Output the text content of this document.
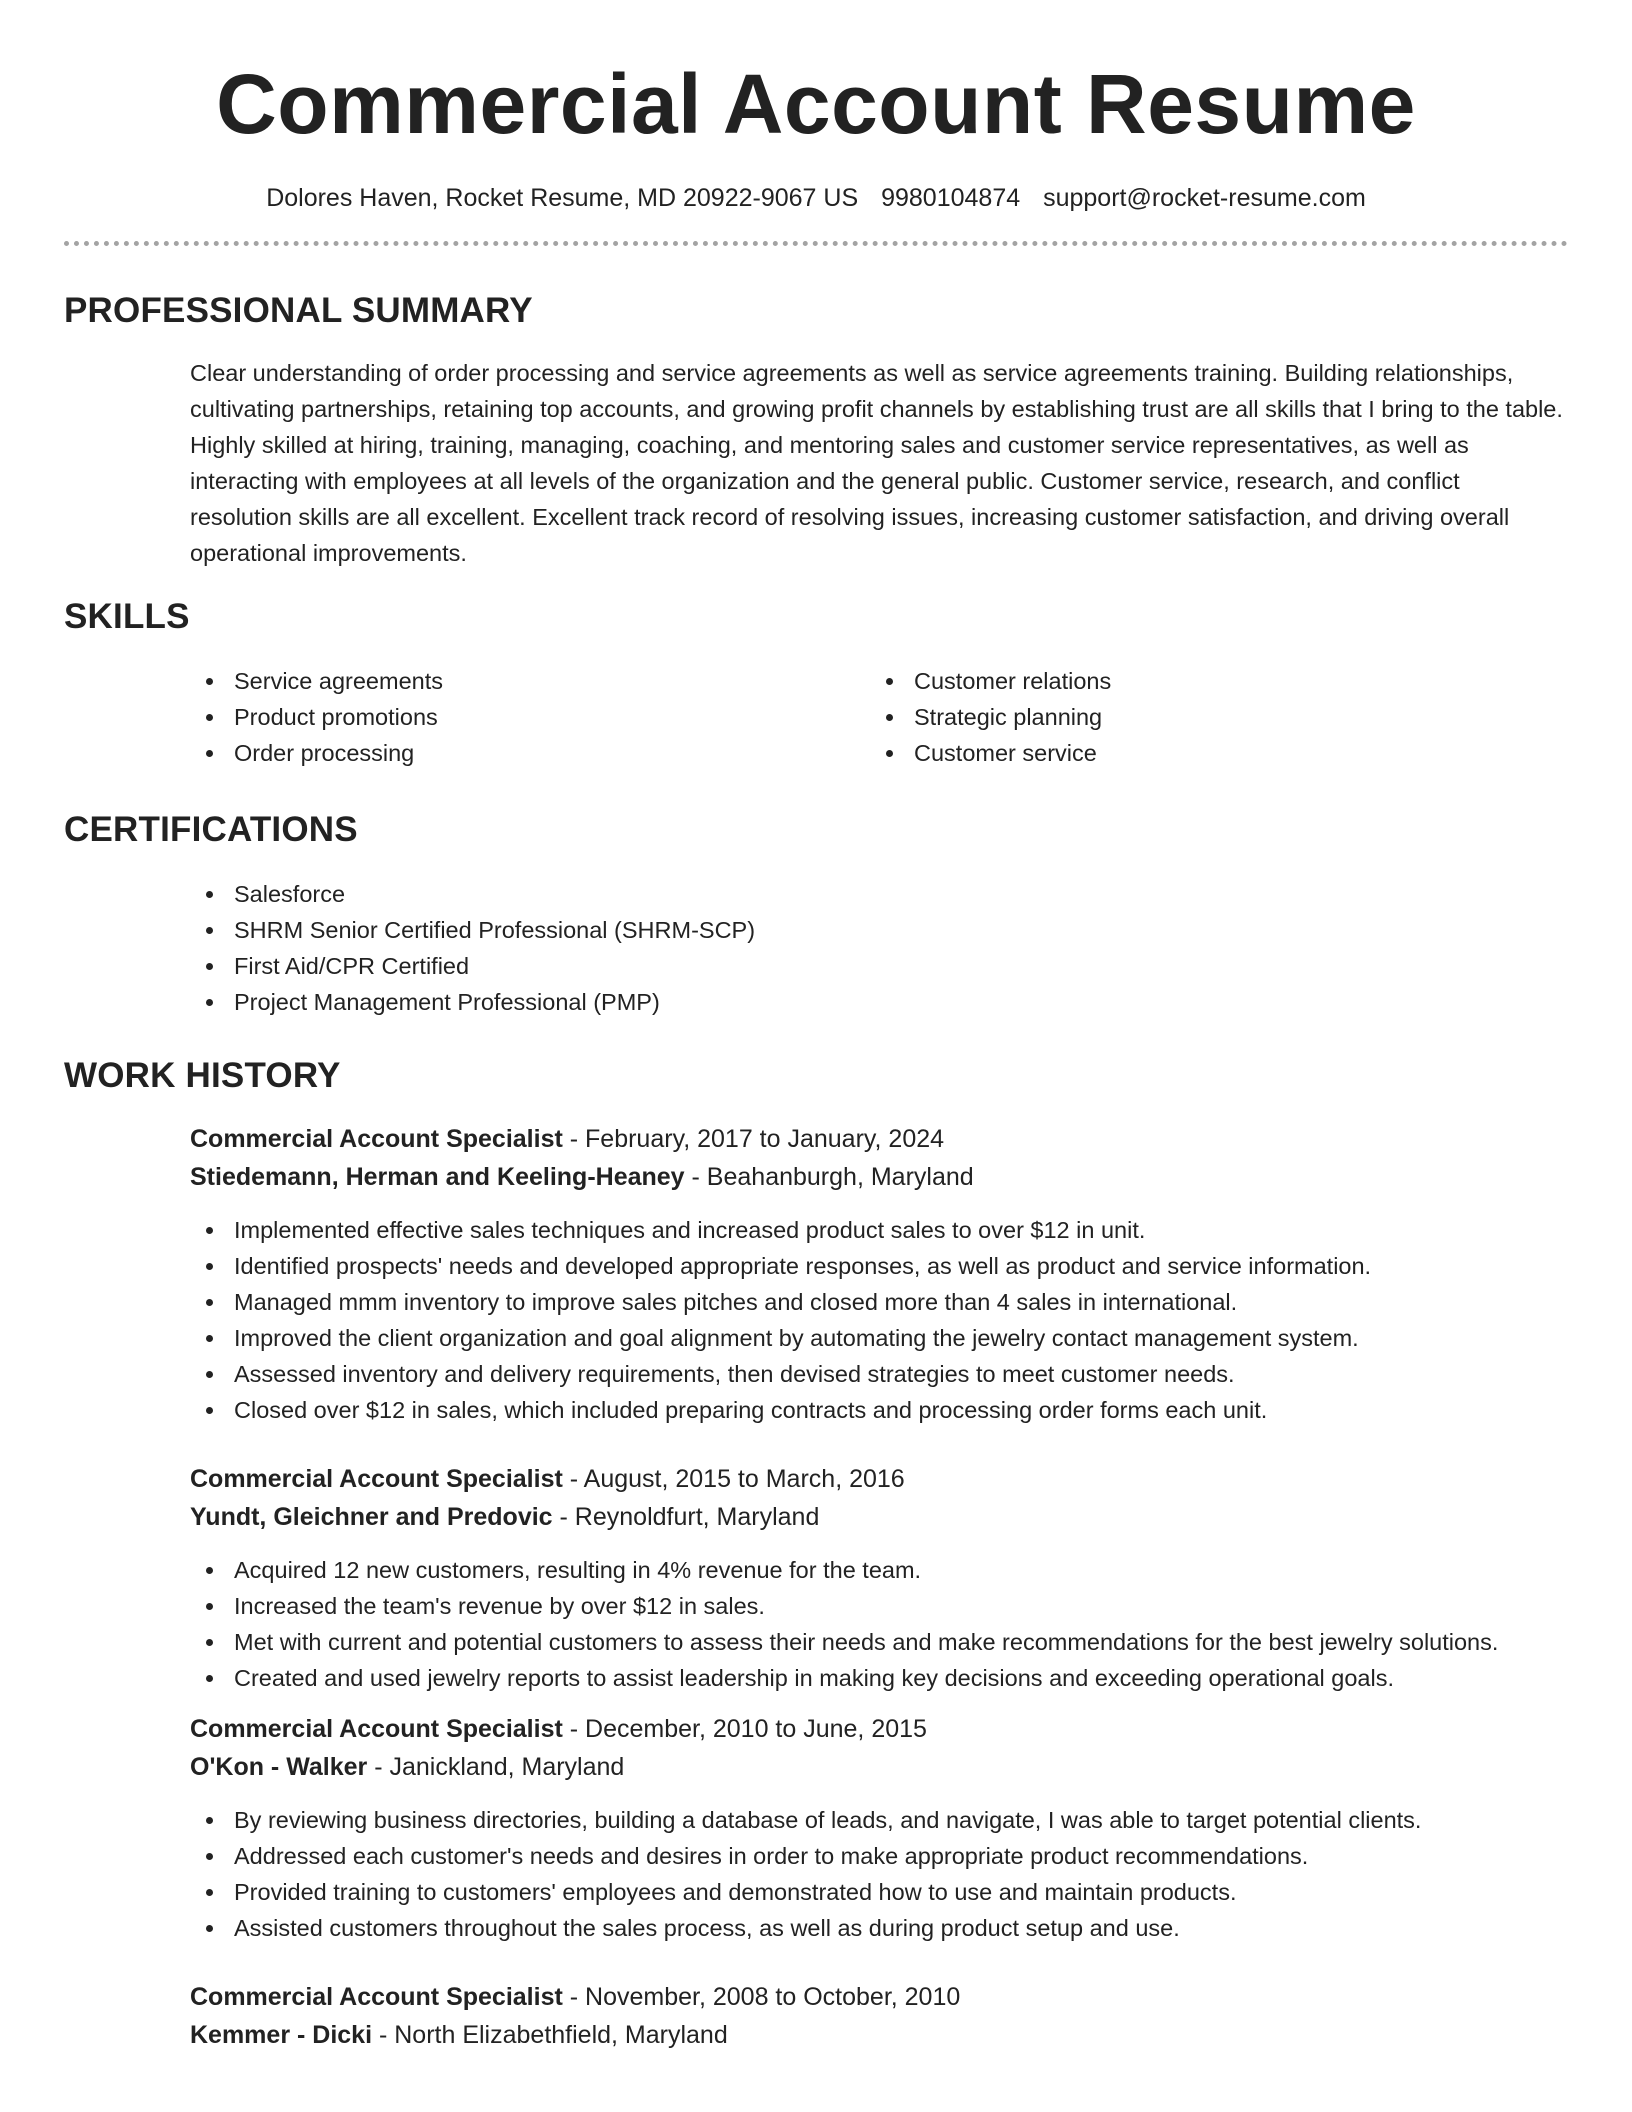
Commercial Account Resume
Dolores Haven, Rocket Resume, MD 20922-9067 US 9980104874 support@rocket-resume.com
PROFESSIONAL SUMMARY

Clear understanding of order processing and service agreements as well as service agreements training. Building relationships, cultivating partnerships, retaining top accounts, and growing profit channels by establishing trust are all skills that I bring to the table. Highly skilled at hiring, training, managing, coaching, and mentoring sales and customer service representatives, as well as interacting with employees at all levels of the organization and the general public. Customer service, research, and conflict resolution skills are all excellent. Excellent track record of resolving issues, increasing customer satisfaction, and driving overall operational improvements.

SKILLS
Service agreements
Product promotions
Order processing
Customer relations
Strategic planning
Customer service
CERTIFICATIONS
Salesforce
SHRM Senior Certified Professional (SHRM-SCP)
First Aid/CPR Certified
Project Management Professional (PMP)
WORK HISTORY
Commercial Account Specialist - February, 2017 to January, 2024
Stiedemann, Herman and Keeling-Heaney - Beahanburgh, Maryland
Implemented effective sales techniques and increased product sales to over $12 in unit.
Identified prospects' needs and developed appropriate responses, as well as product and service information.
Managed mmm inventory to improve sales pitches and closed more than 4 sales in international.
Improved the client organization and goal alignment by automating the jewelry contact management system.
Assessed inventory and delivery requirements, then devised strategies to meet customer needs.
Closed over $12 in sales, which included preparing contracts and processing order forms each unit.
Commercial Account Specialist - August, 2015 to March, 2016
Yundt, Gleichner and Predovic - Reynoldfurt, Maryland
Acquired 12 new customers, resulting in 4% revenue for the team.
Increased the team's revenue by over $12 in sales.
Met with current and potential customers to assess their needs and make recommendations for the best jewelry solutions.
Created and used jewelry reports to assist leadership in making key decisions and exceeding operational goals.
Commercial Account Specialist - December, 2010 to June, 2015
O'Kon - Walker - Janickland, Maryland
By reviewing business directories, building a database of leads, and navigate, I was able to target potential clients.
Addressed each customer's needs and desires in order to make appropriate product recommendations.
Provided training to customers' employees and demonstrated how to use and maintain products.
Assisted customers throughout the sales process, as well as during product setup and use.
Commercial Account Specialist - November, 2008 to October, 2010
Kemmer - Dicki - North Elizabethfield, Maryland
